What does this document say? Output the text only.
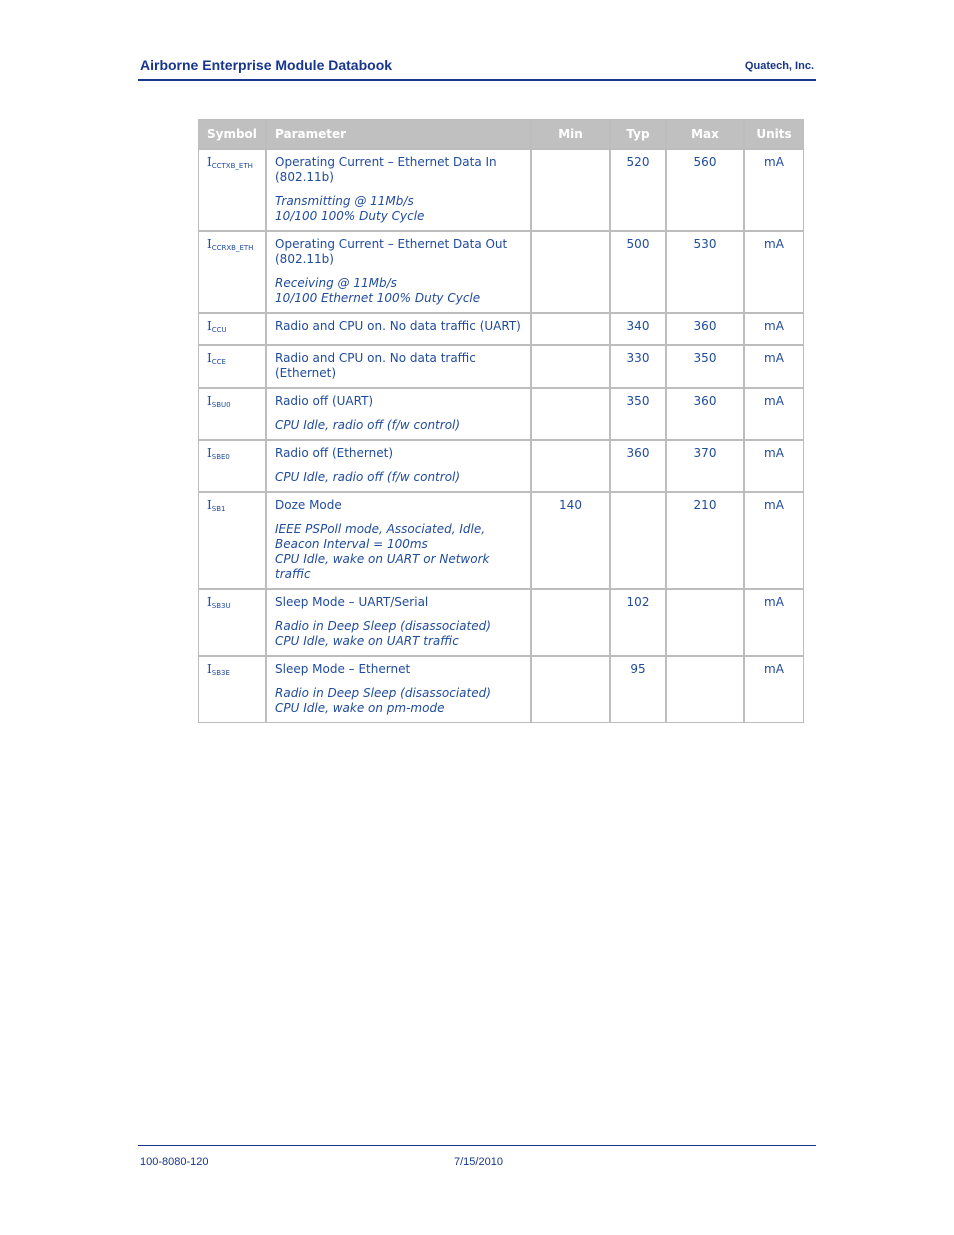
Airborne Enterprise Module Databook	Quatech, Inc.
Symbol	Parameter	Min	Typ	Max	Units
$I_{CCTXB\_ETH}$	Operating Current – Ethernet Data In (802.11b)
Transmitting @ 11Mb/s
10/100 100% Duty Cycle		520	560	mA
$I_{CCRXB\_ETH}$	Operating Current – Ethernet Data Out (802.11b)
Receiving @ 11Mb/s
10/100 Ethernet 100% Duty Cycle		500	530	mA
$I_{CCU}$	Radio and CPU on. No data traffic (UART)		340	360	mA
$I_{CCE}$	Radio and CPU on. No data traffic (Ethernet)		330	350	mA
$I_{SBU0}$	Radio off (UART)
CPU Idle, radio off (f/w control)		350	360	mA
$I_{SBE0}$	Radio off (Ethernet)
CPU Idle, radio off (f/w control)		360	370	mA
$I_{SB1}$	Doze Mode
IEEE PSPoll mode, Associated, Idle, Beacon Interval = 100ms
CPU Idle, wake on UART or Network traffic	140		210	mA
$I_{SB3U}$	Sleep Mode – UART/Serial
Radio in Deep Sleep (disassociated)
CPU Idle, wake on UART traffic		102		mA
$I_{SB3E}$	Sleep Mode – Ethernet
Radio in Deep Sleep (disassociated)
CPU Idle, wake on pm-mode		95		mA
100-8080-120	7/15/2010
